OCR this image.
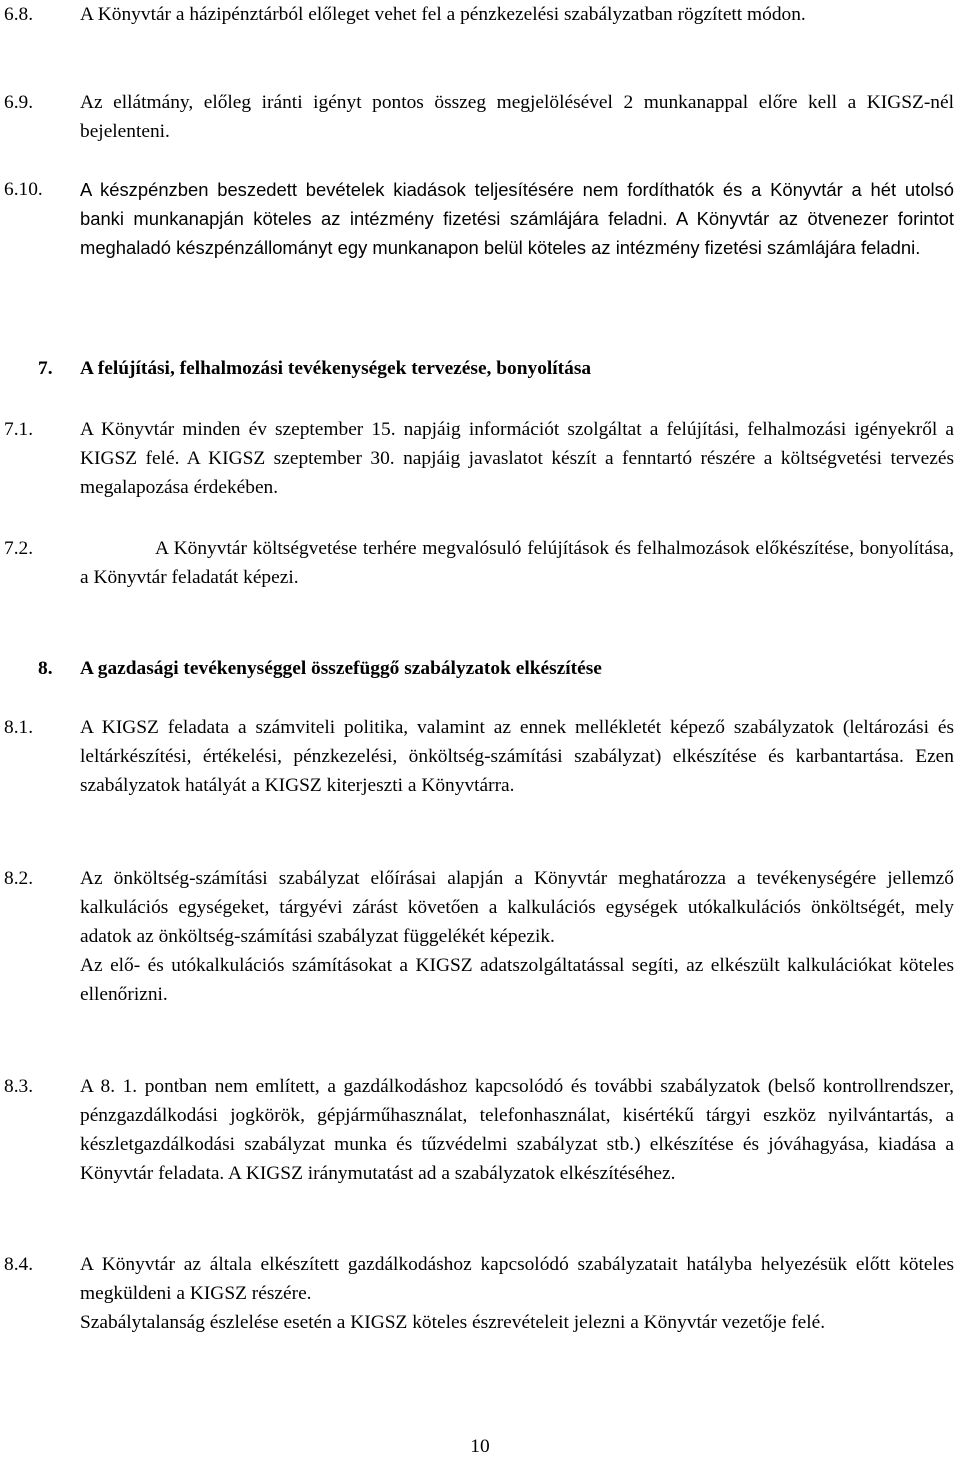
6.8. A Könyvtár a házipénztárból előleget vehet fel a pénzkezelési szabályzatban rögzített módon.

6.9. Az ellátmány, előleg iránti igényt pontos összeg megjelölésével 2 munkanappal előre kell a KIGSZ-nél bejelenteni.

6.10. A készpénzben beszedett bevételek kiadások teljesítésére nem fordíthatók és a Könyvtár a hét utolsó banki munkanapján köteles az intézmény fizetési számlájára feladni. A Könyvtár az ötvenezer forintot meghaladó készpénzállományt egy munkanapon belül köteles az intézmény fizetési számlájára feladni.

7. A felújítási, felhalmozási tevékenységek tervezése, bonyolítása
7.1. A Könyvtár minden év szeptember 15. napjáig információt szolgáltat a felújítási, felhalmozási igényekről a KIGSZ felé. A KIGSZ szeptember 30. napjáig javaslatot készít a fenntartó részére a költségvetési tervezés megalapozása érdekében.

7.2.	A Könyvtár költségvetése terhére megvalósuló felújítások és felhalmozások előkészítése, bonyolítása, a Könyvtár feladatát képezi.

8. A gazdasági tevékenységgel összefüggő szabályzatok elkészítése
8.1. A KIGSZ feladata a számviteli politika, valamint az ennek mellékletét képező szabályzatok (leltározási és leltárkészítési, értékelési, pénzkezelési, önköltség-számítási szabályzat) elkészítése és karbantartása. Ezen szabályzatok hatályát a KIGSZ kiterjeszti a Könyvtárra.

8.2. Az önköltség-számítási szabályzat előírásai alapján a Könyvtár meghatározza a tevékenységére jellemző kalkulációs egységeket, tárgyévi zárást követően a kalkulációs egységek utókalkulációs önköltségét, mely adatok az önköltség-számítási szabályzat függelékét képezik.

Az elő- és utókalkulációs számításokat a KIGSZ adatszolgáltatással segíti, az elkészült kalkulációkat köteles ellenőrizni.

8.3. A 8. 1. pontban nem említett, a gazdálkodáshoz kapcsolódó és további szabályzatok (belső kontrollrendszer, pénzgazdálkodási jogkörök, gépjárműhasználat, telefonhasználat, kisértékű tárgyi eszköz nyilvántartás, a készletgazdálkodási szabályzat munka és tűzvédelmi szabályzat stb.) elkészítése és jóváhagyása, kiadása a Könyvtár feladata. A KIGSZ iránymutatást ad a szabályzatok elkészítéséhez.

8.4. A Könyvtár az általa elkészített gazdálkodáshoz kapcsolódó szabályzatait hatályba helyezésük előtt köteles megküldeni a KIGSZ részére.

Szabálytalanság észlelése esetén a KIGSZ köteles észrevételeit jelezni a Könyvtár vezetője felé.

10
